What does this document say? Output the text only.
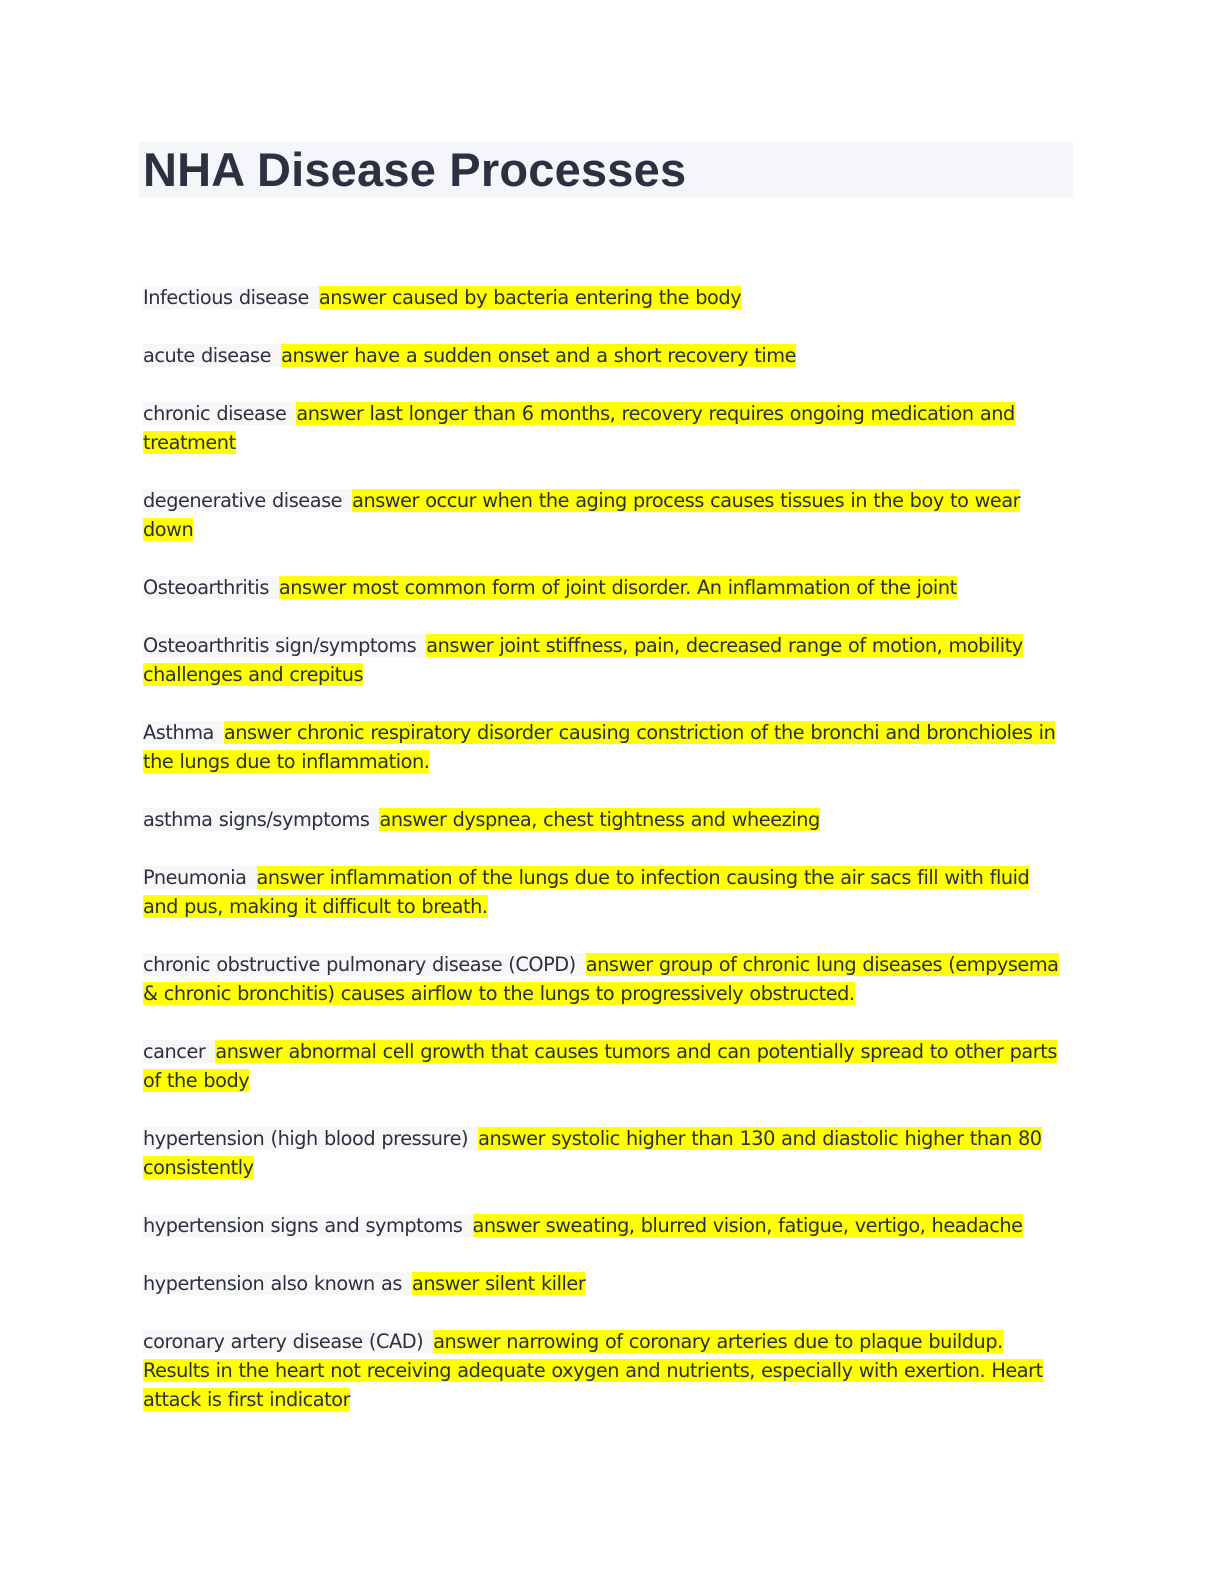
NHA Disease Processes

Infectious disease answer caused by bacteria entering the body

acute disease answer have a sudden onset and a short recovery time

chronic disease answer last longer than 6 months, recovery requires ongoing medication and treatment

degenerative disease answer occur when the aging process causes tissues in the boy to wear down

Osteoarthritis answer most common form of joint disorder. An inflammation of the joint

Osteoarthritis sign/symptoms answer joint stiffness, pain, decreased range of motion, mobility challenges and crepitus

Asthma answer chronic respiratory disorder causing constriction of the bronchi and bronchioles in the lungs due to inflammation.

asthma signs/symptoms answer dyspnea, chest tightness and wheezing

Pneumonia answer inflammation of the lungs due to infection causing the air sacs fill with fluid and pus, making it difficult to breath.

chronic obstructive pulmonary disease (COPD) answer group of chronic lung diseases (empysema & chronic bronchitis) causes airflow to the lungs to progressively obstructed.

cancer answer abnormal cell growth that causes tumors and can potentially spread to other parts of the body

hypertension (high blood pressure) answer systolic higher than 130 and diastolic higher than 80 consistently

hypertension signs and symptoms answer sweating, blurred vision, fatigue, vertigo, headache

hypertension also known as answer silent killer

coronary artery disease (CAD) answer narrowing of coronary arteries due to plaque buildup. Results in the heart not receiving adequate oxygen and nutrients, especially with exertion. Heart attack is first indicator
